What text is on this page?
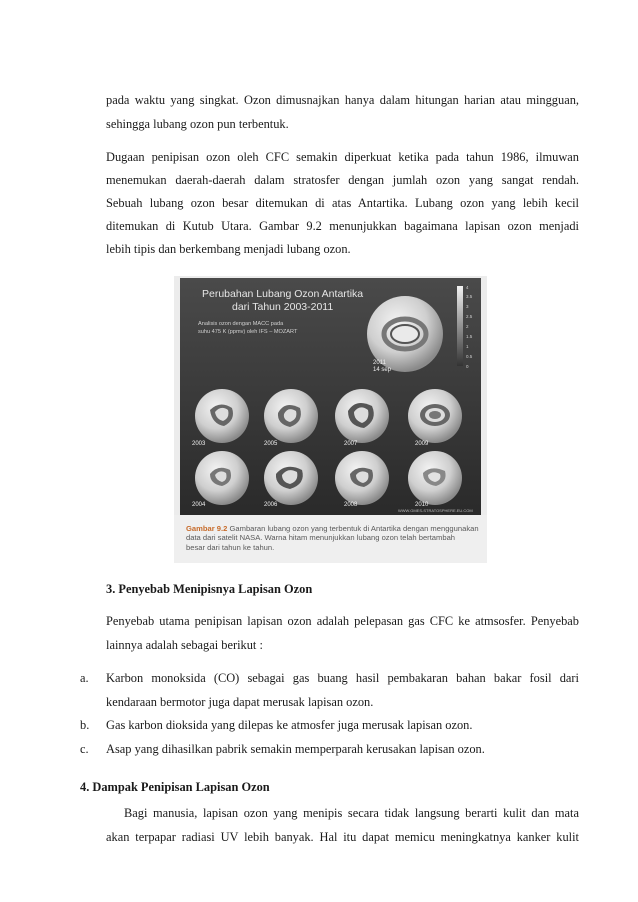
pada waktu yang singkat. Ozon dimusnajkan hanya dalam hitungan harian atau mingguan,

sehingga lubang ozon pun terbentuk.

Dugaan penipisan ozon oleh CFC semakin diperkuat ketika pada tahun 1986, ilmuwan

menemukan daerah-daerah dalam stratosfer dengan jumlah ozon yang sangat rendah.

Sebuah lubang ozon besar ditemukan di atas Antartika. Lubang ozon yang lebih kecil

ditemukan di Kutub Utara. Gambar 9.2 menunjukkan bagaimana lapisan ozon menjadi

lebih tipis dan berkembang menjadi lubang ozon.

Perubahan Lubang Ozon Antartika
dari Tahun 2003-2011
Analisis ozon dengan MACC pada
suhu 475 K (ppmv) oleh IFS – MOZART
2011
14 sep
4
3.5
3
2.5
2
1.5
1
0.5
0
2003	2005	2007	2009
2004	2006	2008	2010
WWW.GMES-STRATOSPHERE.EU.COM

Gambar 9.2 Gambaran lubang ozon yang terbentuk di Antartika dengan menggunakan
data dari satelit NASA. Warna hitam menunjukkan lubang ozon telah bertambah
besar dari tahun ke tahun.

3. Penyebab Menipisnya Lapisan Ozon

Penyebab utama penipisan lapisan ozon adalah pelepasan gas CFC ke atmsosfer. Penyebab

lainnya adalah sebagai berikut :

a. Karbon monoksida (CO) sebagai gas buang hasil pembakaran bahan bakar fosil dari

kendaraan bermotor juga dapat merusak lapisan ozon.

b. Gas karbon dioksida yang dilepas ke atmosfer juga merusak lapisan ozon.

c. Asap yang dihasilkan pabrik semakin memperparah kerusakan lapisan ozon.

4. Dampak Penipisan Lapisan Ozon

Bagi manusia, lapisan ozon yang menipis secara tidak langsung berarti kulit dan mata

akan terpapar radiasi UV lebih banyak. Hal itu dapat memicu meningkatnya kanker kulit
